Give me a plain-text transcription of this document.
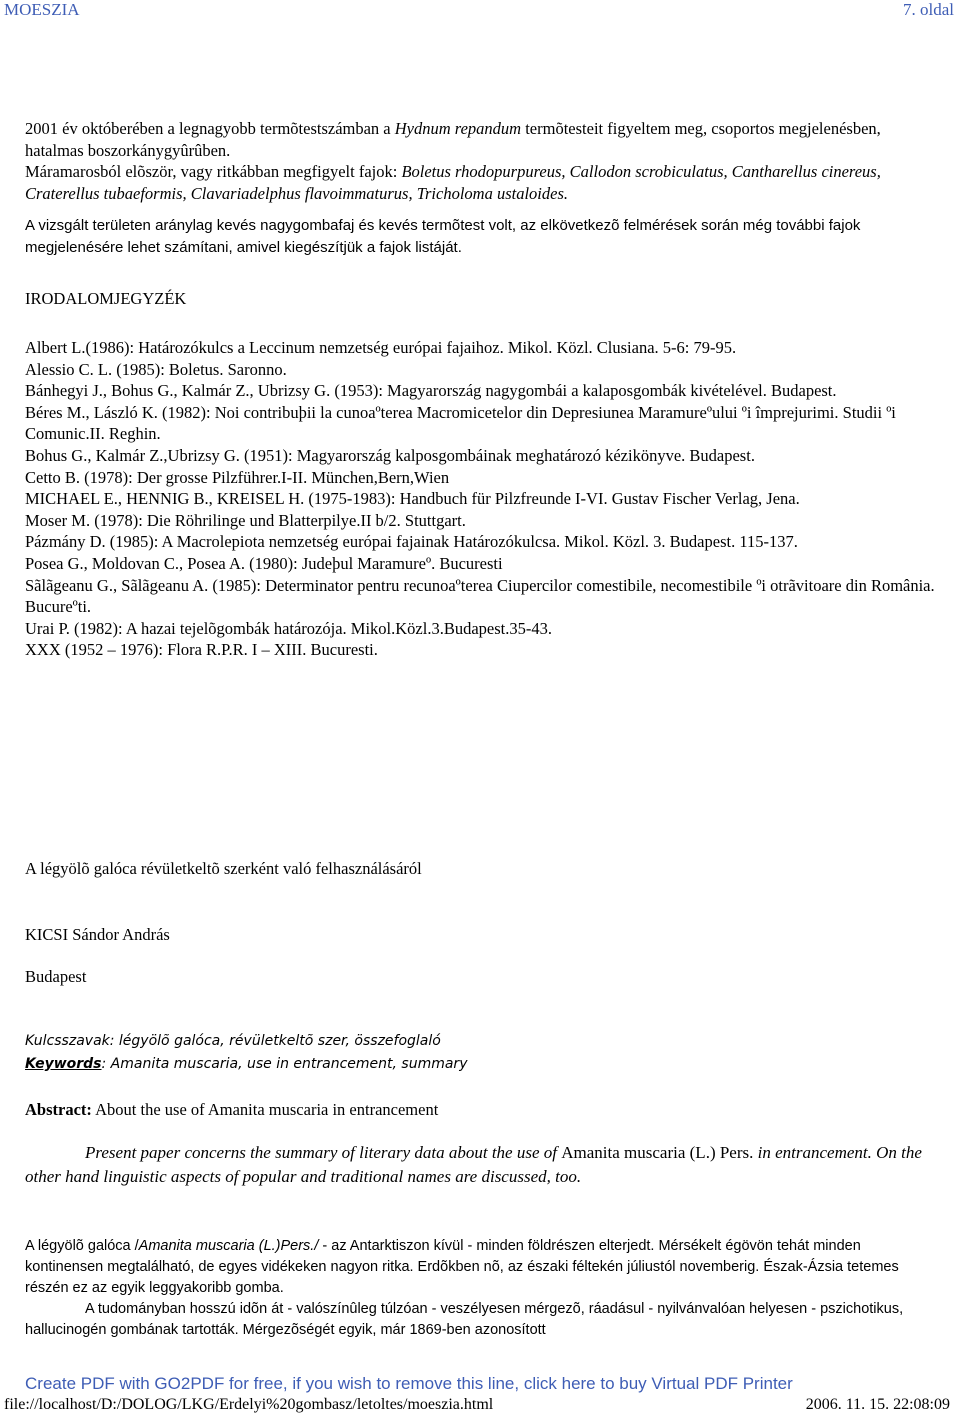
MOESZIA	7. oldal

2001 év októberében a legnagyobb termõtestszámban a Hydnum repandum termõtesteit figyeltem meg, csoportos megjelenésben, hatalmas boszorkánygyûrûben.

Máramarosból elõször, vagy ritkábban megfigyelt fajok: Boletus rhodopurpureus, Callodon scrobiculatus, Cantharellus cinereus, Craterellus tubaeformis, Clavariadelphus flavoimmaturus, Tricholoma ustaloides.

A vizsgált területen aránylag kevés nagygombafaj és kevés termõtest volt, az elkövetkezõ felmérések során még további fajok megjelenésére lehet számítani, amivel kiegészítjük a fajok listáját.

IRODALOMJEGYZÉK

Albert L.(1986): Határozókulcs a Leccinum nemzetség európai fajaihoz. Mikol. Közl. Clusiana. 5-6: 79-95.

Alessio C. L. (1985): Boletus. Saronno.

Bánhegyi J., Bohus G., Kalmár Z., Ubrizsy G. (1953): Magyarország nagygombái a kalaposgombák kivételével. Budapest.

Béres M., László K. (1982): Noi contribuþii la cunoaºterea Macromicetelor din Depresiunea Maramureºului ºi împrejurimi. Studii ºi Comunic.II. Reghin.

Bohus G., Kalmár Z.,Ubrizsy G. (1951): Magyarország kalposgombáinak meghatározó kézikönyve. Budapest.

Cetto B. (1978): Der grosse Pilzführer.I-II. München,Bern,Wien

MICHAEL E., HENNIG B., KREISEL H. (1975-1983): Handbuch für Pilzfreunde I-VI. Gustav Fischer Verlag, Jena.

Moser M. (1978): Die Röhrilinge und Blatterpilye.II b/2. Stuttgart.

Pázmány D. (1985): A Macrolepiota nemzetség európai fajainak Határozókulcsa. Mikol. Közl. 3. Budapest. 115-137.

Posea G., Moldovan C., Posea A. (1980): Judeþul Maramureº. Bucuresti

Sãlãgeanu G., Sãlãgeanu A. (1985): Determinator pentru recunoaºterea Ciupercilor comestibile, necomestibile ºi otrãvitoare din România. Bucureºti.

Urai P. (1982): A hazai tejelõgombák határozója. Mikol.Közl.3.Budapest.35-43.

XXX (1952 – 1976): Flora R.P.R. I – XIII. Bucuresti.

A légyölõ galóca révületkeltõ szerként való felhasználásáról
KICSI Sándor András
Budapest
Kulcsszavak: légyölõ galóca, révületkeltõ szer, összefoglaló
Keywords: Amanita muscaria, use in entrancement, summary
Abstract: About the use of Amanita muscaria in entrancement
Present paper concerns the summary of literary data about the use of Amanita muscaria (L.) Pers. in entrancement. On the other hand linguistic aspects of popular and traditional names are discussed, too.
A légyölõ galóca /Amanita muscaria (L.)Pers./ - az Antarktiszon kívül - minden földrészen elterjedt. Mérsékelt égövön tehát minden kontinensen megtalálható, de egyes vidékeken nagyon ritka. Erdõkben nõ, az északi féltekén júliustól novemberig. Észak-Ázsia tetemes részén ez az egyik leggyakoribb gomba.
A tudományban hosszú idõn át - valószínûleg túlzóan - veszélyesen mérgezõ, ráadásul - nyilvánvalóan helyesen - pszichotikus, hallucinogén gombának tartották. Mérgezõségét egyik, már 1869-ben azonosított
Create PDF with GO2PDF for free, if you wish to remove this line, click here to buy Virtual PDF Printer
file://localhost/D:/DOLOG/LKG/Erdelyi%20gombasz/letoltes/moeszia.html	2006. 11. 15. 22:08:09
